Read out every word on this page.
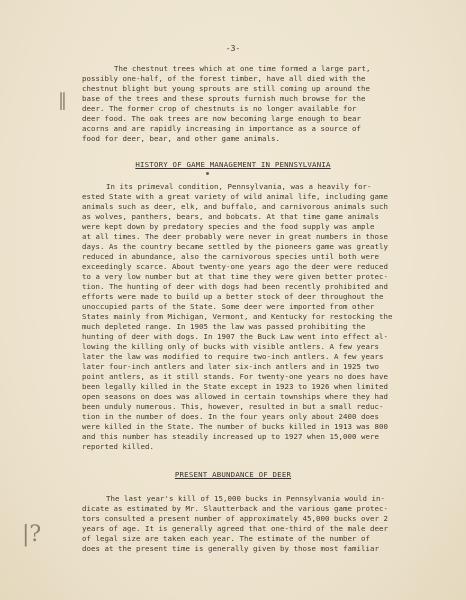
-3-
The chestnut trees which at one time formed a large part,
possibly one-half, of the forest timber, have all died with the
chestnut blight but young sprouts are still coming up around the
base of the trees and these sprouts furnish much browse for the
deer. The former crop of chestnuts is no longer available for
deer food. The oak trees are now becoming large enough to bear
acorns and are rapidly increasing in importance as a source of
food for deer, bear, and other game animals.
‖
HISTORY OF GAME MANAGEMENT IN PENNSYLVANIA
In its primeval condition, Pennsylvania, was a heavily for-
ested State with a great variety of wild animal life, including game
animals such as deer, elk, and buffalo, and carnivorous animals such
as wolves, panthers, bears, and bobcats. At that time game animals
were kept down by predatory species and the food supply was ample
at all times. The deer probably were never in great numbers in those
days. As the country became settled by the pioneers game was greatly
reduced in abundance, also the carnivorous species until both were
exceedingly scarce. About twenty-one years ago the deer were reduced
to a very low number but at that time they were given better protec-
tion. The hunting of deer with dogs had been recently prohibited and
efforts were made to build up a better stock of deer throughout the
unoccupied parts of the State. Some deer were imported from other
States mainly from Michigan, Vermont, and Kentucky for restocking the
much depleted range. In 1905 the law was passed prohibiting the
hunting of deer with dogs. In 1907 the Buck Law went into effect al-
lowing the killing only of bucks with visible antlers. A few years
later the law was modified to require two-inch antlers. A few years
later four-inch antlers and later six-inch antlers and in 1925 two
point antlers, as it still stands. For twenty-one years no does have
been legally killed in the State except in 1923 to 1926 when limited
open seasons on does was allowed in certain townships where they had
been unduly numerous. This, however, resulted in but a small reduc-
tion in the number of does. In the four years only about 2400 does
were killed in the State. The number of bucks killed in 1913 was 800
and this number has steadily increased up to 1927 when 15,000 were
reported killed.
PRESENT ABUNDANCE OF DEER
The last year's kill of 15,000 bucks in Pennsylvania would in-
dicate as estimated by Mr. Slautterback and the various game protec-
tors consulted a present number of approximately 45,000 bucks over 2
years of age. It is generally agreed that one-third of the male deer
of legal size are taken each year. The estimate of the number of
does at the present time is generally given by those most familiar
|?
